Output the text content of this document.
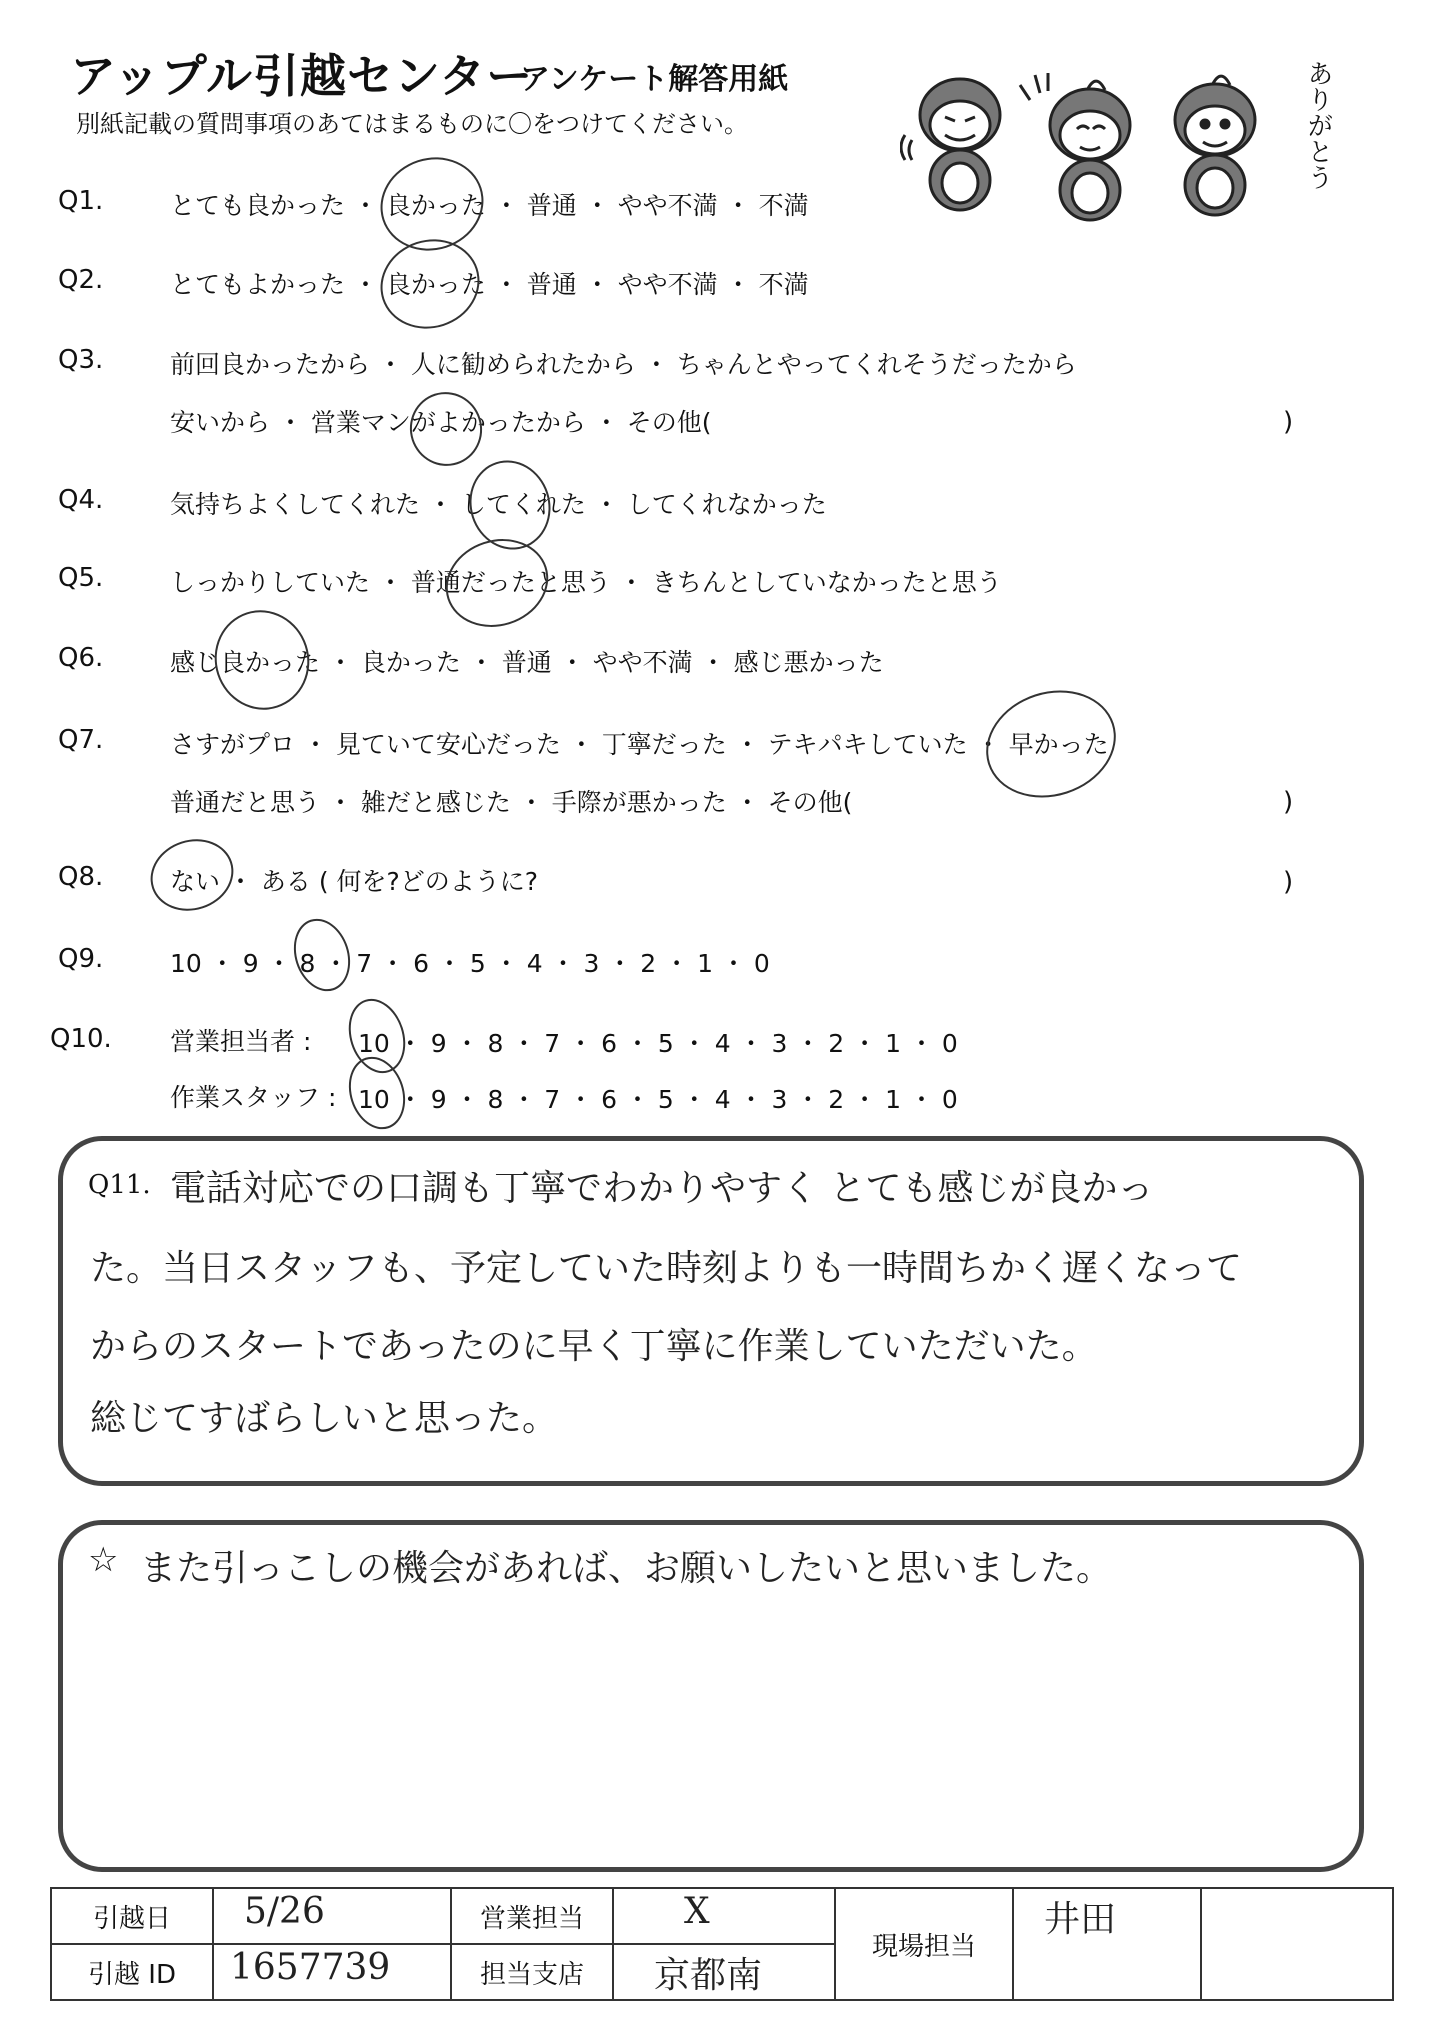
アップル引越センター
アンケート解答用紙
別紙記載の質問事項のあてはまるものに〇をつけてください。	ありがとう
Q1.	とても良かった ・ 良かった ・ 普通 ・ やや不満 ・ 不満
Q2.	とてもよかった ・ 良かった ・ 普通 ・ やや不満 ・ 不満
Q3.	前回良かったから ・ 人に勧められたから ・ ちゃんとやってくれそうだったから
安いから ・ 営業マンがよかったから ・ その他(	)
Q4.	気持ちよくしてくれた ・ してくれた ・ してくれなかった
Q5.	しっかりしていた ・ 普通だったと思う ・ きちんとしていなかったと思う
Q6.	感じ良かった ・ 良かった ・ 普通 ・ やや不満 ・ 感じ悪かった
Q7.	さすがプロ ・ 見ていて安心だった ・ 丁寧だった ・ テキパキしていた ・ 早かった
普通だと思う ・ 雑だと感じた ・ 手際が悪かった ・ その他(	)
Q8.	ない ・ ある ( 何を?どのように?	)
Q9.	10 ・ 9 ・ 8 ・ 7 ・ 6 ・ 5 ・ 4 ・ 3 ・ 2 ・ 1 ・ 0
Q10. 営業担当者 : 10 ・ 9 ・ 8 ・ 7 ・ 6 ・ 5 ・ 4 ・ 3 ・ 2 ・ 1 ・ 0
作業スタッフ : 10 ・ 9 ・ 8 ・ 7 ・ 6 ・ 5 ・ 4 ・ 3 ・ 2 ・ 1 ・ 0
Q11. 電話対応での口調も丁寧でわかりやすく とても感じが良かっ
た。当日スタッフも、予定していた時刻よりも一時間ちかく遅くなって
からのスタートであったのに早く丁寧に作業していただいた。
総じてすばらしいと思った。
☆ また引っこしの機会があれば、お願いしたいと思いました。
引越日	5/26	営業担当	X	現場担当	井田	

引越 ID	1657739	担当支店	京都南			
